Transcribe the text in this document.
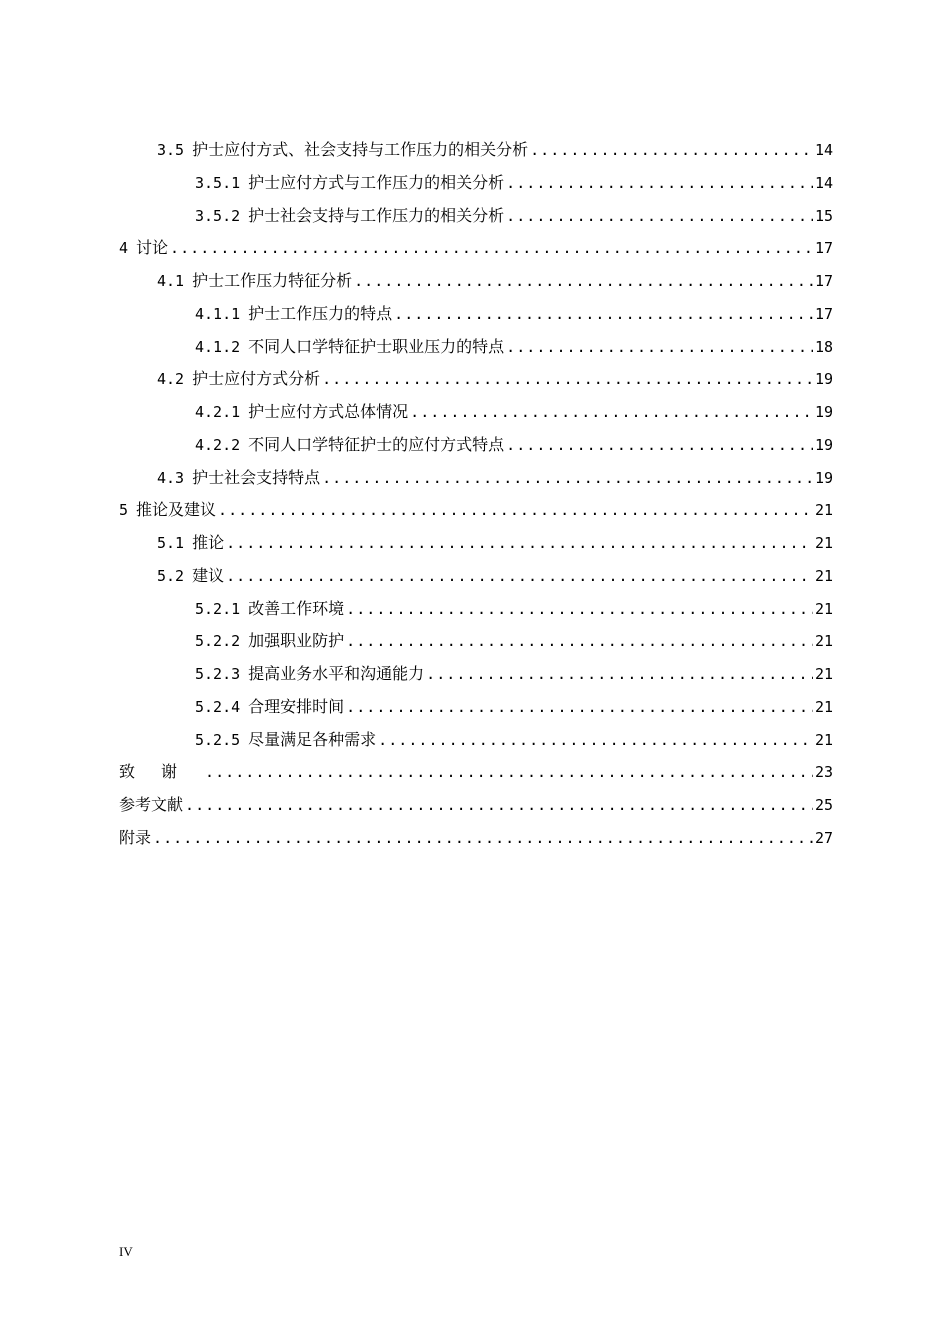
3.5 护士应付方式、社会支持与工作压力的相关分析 . . .	14
3.5.1 护士应付方式与工作压力的相关分析 . . .	14
3.5.2 护士社会支持与工作压力的相关分析 . . .	15
4 讨论 . . .	17
4.1 护士工作压力特征分析 . . .	17
4.1.1 护士工作压力的特点 . . .	17
4.1.2 不同人口学特征护士职业压力的特点 . . .	18
4.2 护士应付方式分析 . . .	19
4.2.1 护士应付方式总体情况 . . .	19
4.2.2 不同人口学特征护士的应付方式特点 . . .	19
4.3 护士社会支持特点 . . .	19
5 推论及建议 . . .	21
5.1 推论 . . .	21
5.2 建议 . . .	21
5.2.1 改善工作环境 . . .	21
5.2.2 加强职业防护 . . .	21
5.2.3 提高业务水平和沟通能力 . . .	21
5.2.4 合理安排时间 . . .	21
5.2.5 尽量满足各种需求 . . .	21
致谢 . . .	23
参考文献 . . .	25
附录 . . .	27
IV
